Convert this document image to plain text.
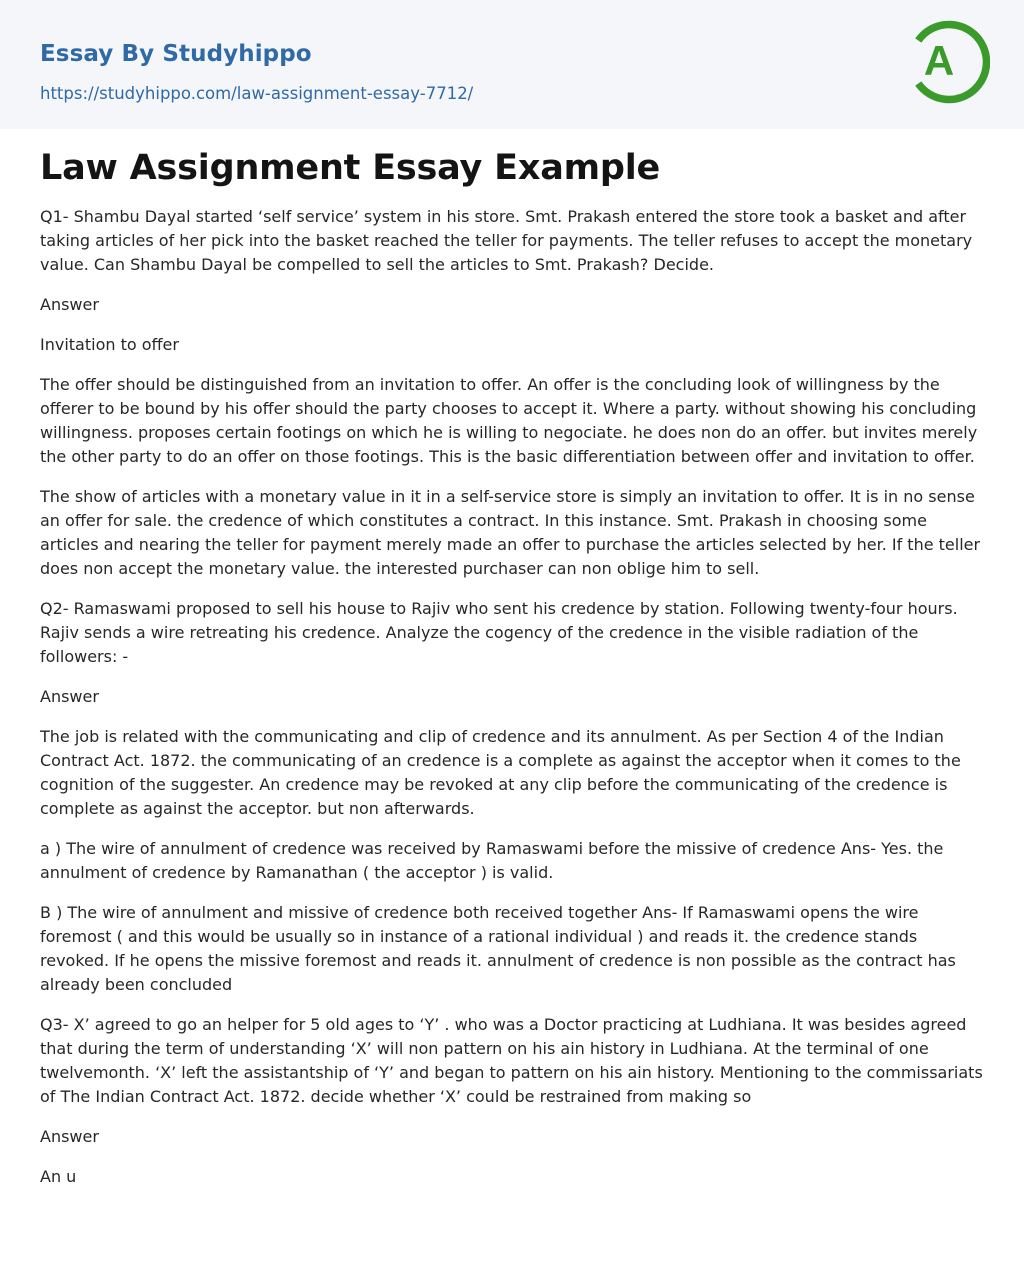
Essay By Studyhippo
https://studyhippo.com/law-assignment-essay-7712/
A
Law Assignment Essay Example

Q1- Shambu Dayal started ‘self service’ system in his store. Smt. Prakash entered the store took a basket and after taking articles of her pick into the basket reached the teller for payments. The teller refuses to accept the monetary value. Can Shambu Dayal be compelled to sell the articles to Smt. Prakash? Decide.

Answer

Invitation to offer

The offer should be distinguished from an invitation to offer. An offer is the concluding look of willingness by the offerer to be bound by his offer should the party chooses to accept it. Where a party. without showing his concluding willingness. proposes certain footings on which he is willing to negociate. he does non do an offer. but invites merely the other party to do an offer on those footings. This is the basic differentiation between offer and invitation to offer.

The show of articles with a monetary value in it in a self-service store is simply an invitation to offer. It is in no sense an offer for sale. the credence of which constitutes a contract. In this instance. Smt. Prakash in choosing some articles and nearing the teller for payment merely made an offer to purchase the articles selected by her. If the teller does non accept the monetary value. the interested purchaser can non oblige him to sell.

Q2- Ramaswami proposed to sell his house to Rajiv who sent his credence by station. Following twenty-four hours. Rajiv sends a wire retreating his credence. Analyze the cogency of the credence in the visible radiation of the followers: -

Answer

The job is related with the communicating and clip of credence and its annulment. As per Section 4 of the Indian Contract Act. 1872. the communicating of an credence is a complete as against the acceptor when it comes to the cognition of the suggester. An credence may be revoked at any clip before the communicating of the credence is complete as against the acceptor. but non afterwards.

a ) The wire of annulment of credence was received by Ramaswami before the missive of credence Ans- Yes. the annulment of credence by Ramanathan ( the acceptor ) is valid.

B ) The wire of annulment and missive of credence both received together Ans- If Ramaswami opens the wire foremost ( and this would be usually so in instance of a rational individual ) and reads it. the credence stands revoked. If he opens the missive foremost and reads it. annulment of credence is non possible as the contract has already been concluded

Q3- X’ agreed to go an helper for 5 old ages to ‘Y’ . who was a Doctor practicing at Ludhiana. It was besides agreed that during the term of understanding ‘X’ will non pattern on his ain history in Ludhiana. At the terminal of one twelvemonth. ‘X’ left the assistantship of ‘Y’ and began to pattern on his ain history. Mentioning to the commissariats of The Indian Contract Act. 1872. decide whether ‘X’ could be restrained from making so

Answer

An u
